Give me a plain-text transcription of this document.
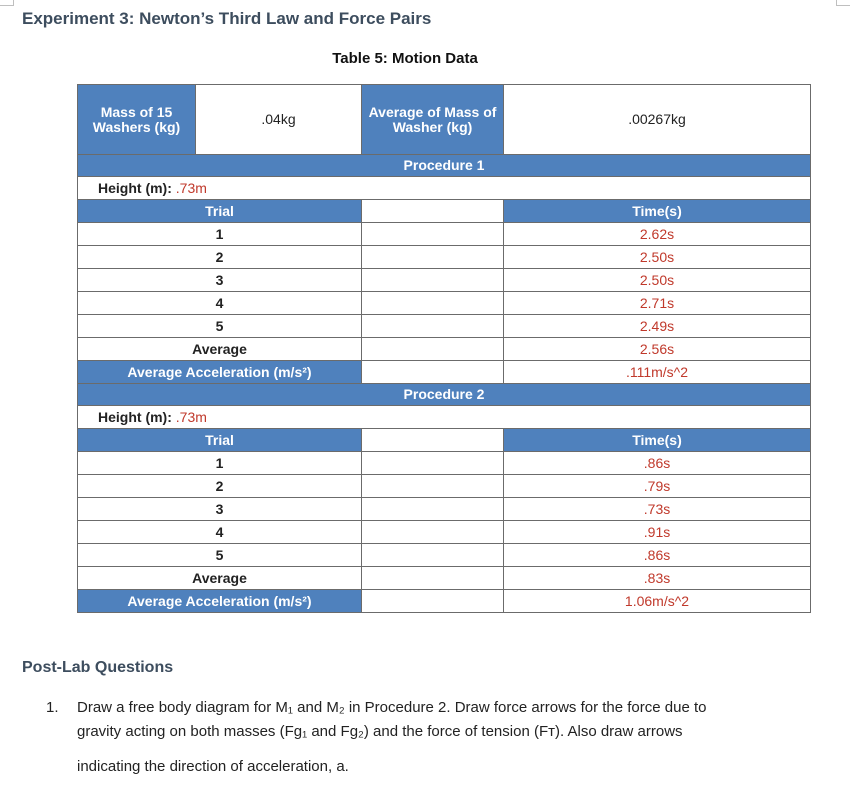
Experiment 3: Newton’s Third Law and Force Pairs
Table 5: Motion Data
Mass of 15 Washers (kg)	.04kg	Average of Mass of Washer (kg)	.00267kg
Procedure 1			
Height (m): .73m			
Trial			Time(s)
1			2.62s
2			2.50s
3			2.50s
4			2.71s
5			2.49s
Average			2.56s
Average Acceleration (m/s²)			.111m/s^2
Procedure 2			
Height (m): .73m			
Trial			Time(s)
1			.86s
2			.79s
3			.73s
4			.91s
5			.86s
Average			.83s
Average Acceleration (m/s²)			1.06m/s^2
Post-Lab Questions
1. Draw a free body diagram for M₁ and M₂ in Procedure 2. Draw force arrows for the force due to
gravity acting on both masses (Fg₁ and Fg₂) and the force of tension (Fᴛ). Also draw arrows
indicating the direction of acceleration, a.
